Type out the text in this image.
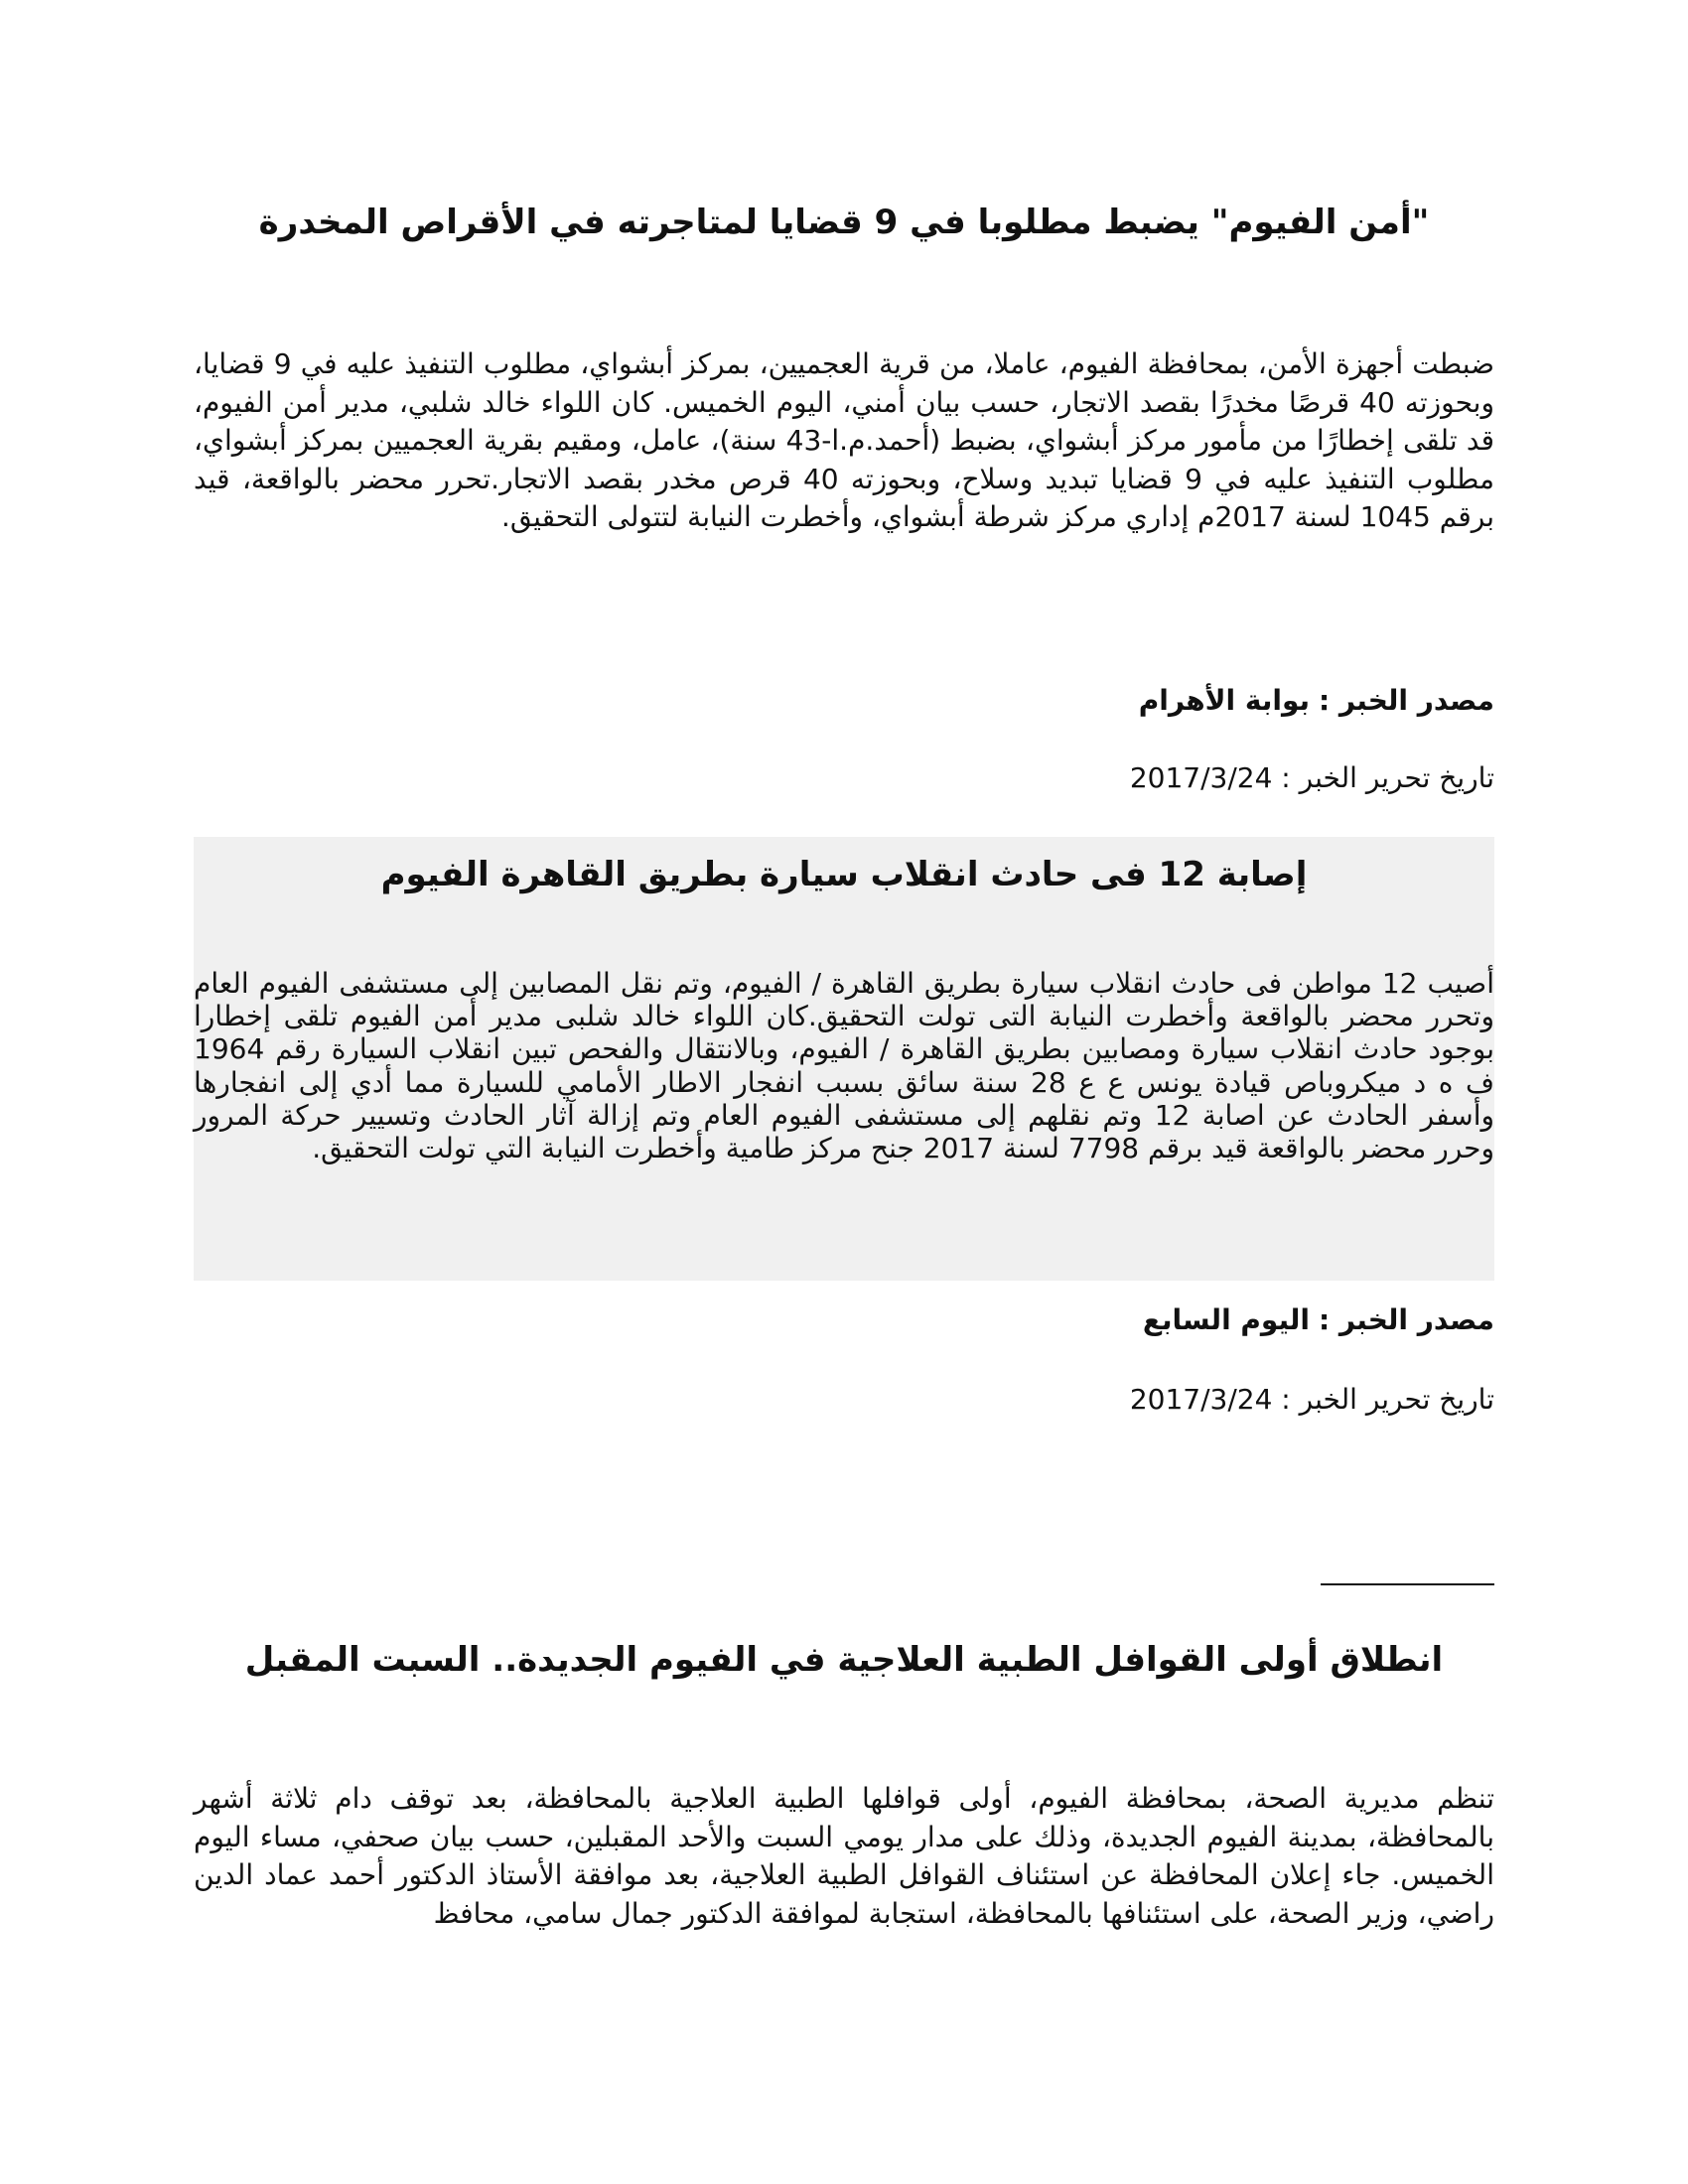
"أمن الفيوم" يضبط مطلوبا في 9 قضايا لمتاجرته في الأقراص المخدرة

ضبطت أجهزة الأمن، بمحافظة الفيوم، عاملا، من قرية العجميين، بمركز أبشواي، مطلوب التنفيذ عليه في 9 قضايا، وبحوزته 40 قرصًا مخدرًا بقصد الاتجار، حسب بيان أمني، اليوم الخميس. كان اللواء خالد شلبي، مدير أمن الفيوم، قد تلقى إخطارًا من مأمور مركز أبشواي، بضبط (أحمد.م.ا-43 سنة)، عامل، ومقيم بقرية العجميين بمركز أبشواي، مطلوب التنفيذ عليه في 9 قضايا تبديد وسلاح، وبحوزته 40 قرص مخدر بقصد الاتجار.تحرر محضر بالواقعة، قيد برقم 1045 لسنة 2017م إداري مركز شرطة أبشواي، وأخطرت النيابة لتتولى التحقيق.

مصدر الخبر : بوابة الأهرام

تاريخ تحرير الخبر : 2017/3/24

إصابة 12 فى حادث انقلاب سيارة بطريق القاهرة الفيوم

أصيب 12 مواطن فى حادث انقلاب سيارة بطريق القاهرة / الفيوم، وتم نقل المصابين إلى مستشفى الفيوم العام وتحرر محضر بالواقعة وأخطرت النيابة التى تولت التحقيق.كان اللواء خالد شلبى مدير أمن الفيوم تلقى إخطارا بوجود حادث انقلاب سيارة ومصابين بطريق القاهرة / الفيوم، وبالانتقال والفحص تبين انقلاب السيارة رقم 1964 ف ه د ميكروباص قيادة يونس ع ع 28 سنة سائق بسبب انفجار الاطار الأمامي للسيارة مما أدي إلى انفجارها وأسفر الحادث عن اصابة 12 وتم نقلهم إلى مستشفى الفيوم العام وتم إزالة آثار الحادث وتسيير حركة المرور وحرر محضر بالواقعة قيد برقم 7798 لسنة 2017 جنح مركز طامية وأخطرت النيابة التي تولت التحقيق.

مصدر الخبر : اليوم السابع

تاريخ تحرير الخبر : 2017/3/24

انطلاق أولى القوافل الطبية العلاجية في الفيوم الجديدة.. السبت المقبل

تنظم مديرية الصحة، بمحافظة الفيوم، أولى قوافلها الطبية العلاجية بالمحافظة، بعد توقف دام ثلاثة أشهر بالمحافظة، بمدينة الفيوم الجديدة، وذلك على مدار يومي السبت والأحد المقبلين، حسب بيان صحفي، مساء اليوم الخميس. جاء إعلان المحافظة عن استئناف القوافل الطبية العلاجية، بعد موافقة الأستاذ الدكتور أحمد عماد الدين راضي، وزير الصحة، على استئنافها بالمحافظة، استجابة لموافقة الدكتور جمال سامي، محافظ
